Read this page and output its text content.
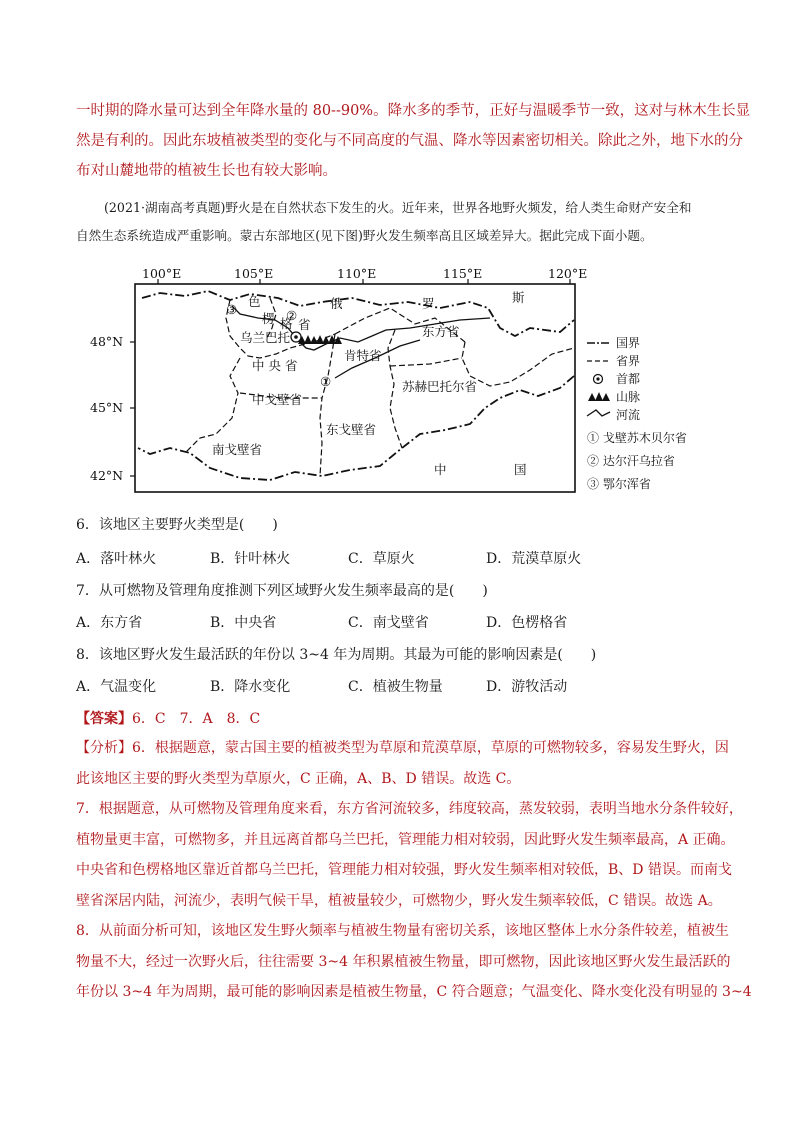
一时期的降水量可达到全年降水量的 80--90%。降水多的季节，正好与温暖季节一致，这对与林木生长显
然是有利的。因此东坡植被类型的变化与不同高度的气温、降水等因素密切相关。除此之外，地下水的分
布对山麓地带的植被生长也有较大影响。
(2021·湖南高考真题)野火是在自然状态下发生的火。近年来，世界各地野火频发，给人类生命财产安全和
自然生态系统造成严重影响。蒙古东部地区(见下图)野火发生频率高且区域差异大。据此完成下面小题。
100°E	105°E	110°E	115°E	120°E
48°N
45°N
42°N
色	俄	罗	斯
楞 格 省
乌兰巴托	东方省
肯特省
中 央 省
苏赫巴托尔省
中戈壁省
东戈壁省
南戈壁省
中	国
③	②
①
国界
省界
首都
山脉
河流
① 戈壁苏木贝尔省
② 达尔汗乌拉省
③ 鄂尔浑省
6．该地区主要野火类型是(　　)
A．落叶林火	B．针叶林火	C．草原火	D．荒漠草原火
7．从可燃物及管理角度推测下列区域野火发生频率最高的是(　　)
A．东方省	B．中央省	C．南戈壁省	D．色楞格省
8．该地区野火发生最活跃的年份以 3~4 年为周期。其最为可能的影响因素是(　　)
A．气温变化	B．降水变化	C．植被生物量	D．游牧活动
【答案】6．C　7．A　8．C
【分析】6．根据题意，蒙古国主要的植被类型为草原和荒漠草原，草原的可燃物较多，容易发生野火，因
此该地区主要的野火类型为草原火，C 正确，A、B、D 错误。故选 C。
7．根据题意，从可燃物及管理角度来看，东方省河流较多，纬度较高，蒸发较弱，表明当地水分条件较好，
植物量更丰富，可燃物多，并且远离首都乌兰巴托，管理能力相对较弱，因此野火发生频率最高，A 正确。
中央省和色楞格地区靠近首都乌兰巴托，管理能力相对较强，野火发生频率相对较低，B、D 错误。而南戈
壁省深居内陆，河流少，表明气候干旱，植被量较少，可燃物少，野火发生频率较低，C 错误。故选 A。
8．从前面分析可知，该地区发生野火频率与植被生物量有密切关系，该地区整体上水分条件较差，植被生
物量不大，经过一次野火后，往往需要 3~4 年积累植被生物量，即可燃物，因此该地区野火发生最活跃的
年份以 3~4 年为周期，最可能的影响因素是植被生物量，C 符合题意；气温变化、降水变化没有明显的 3~4
